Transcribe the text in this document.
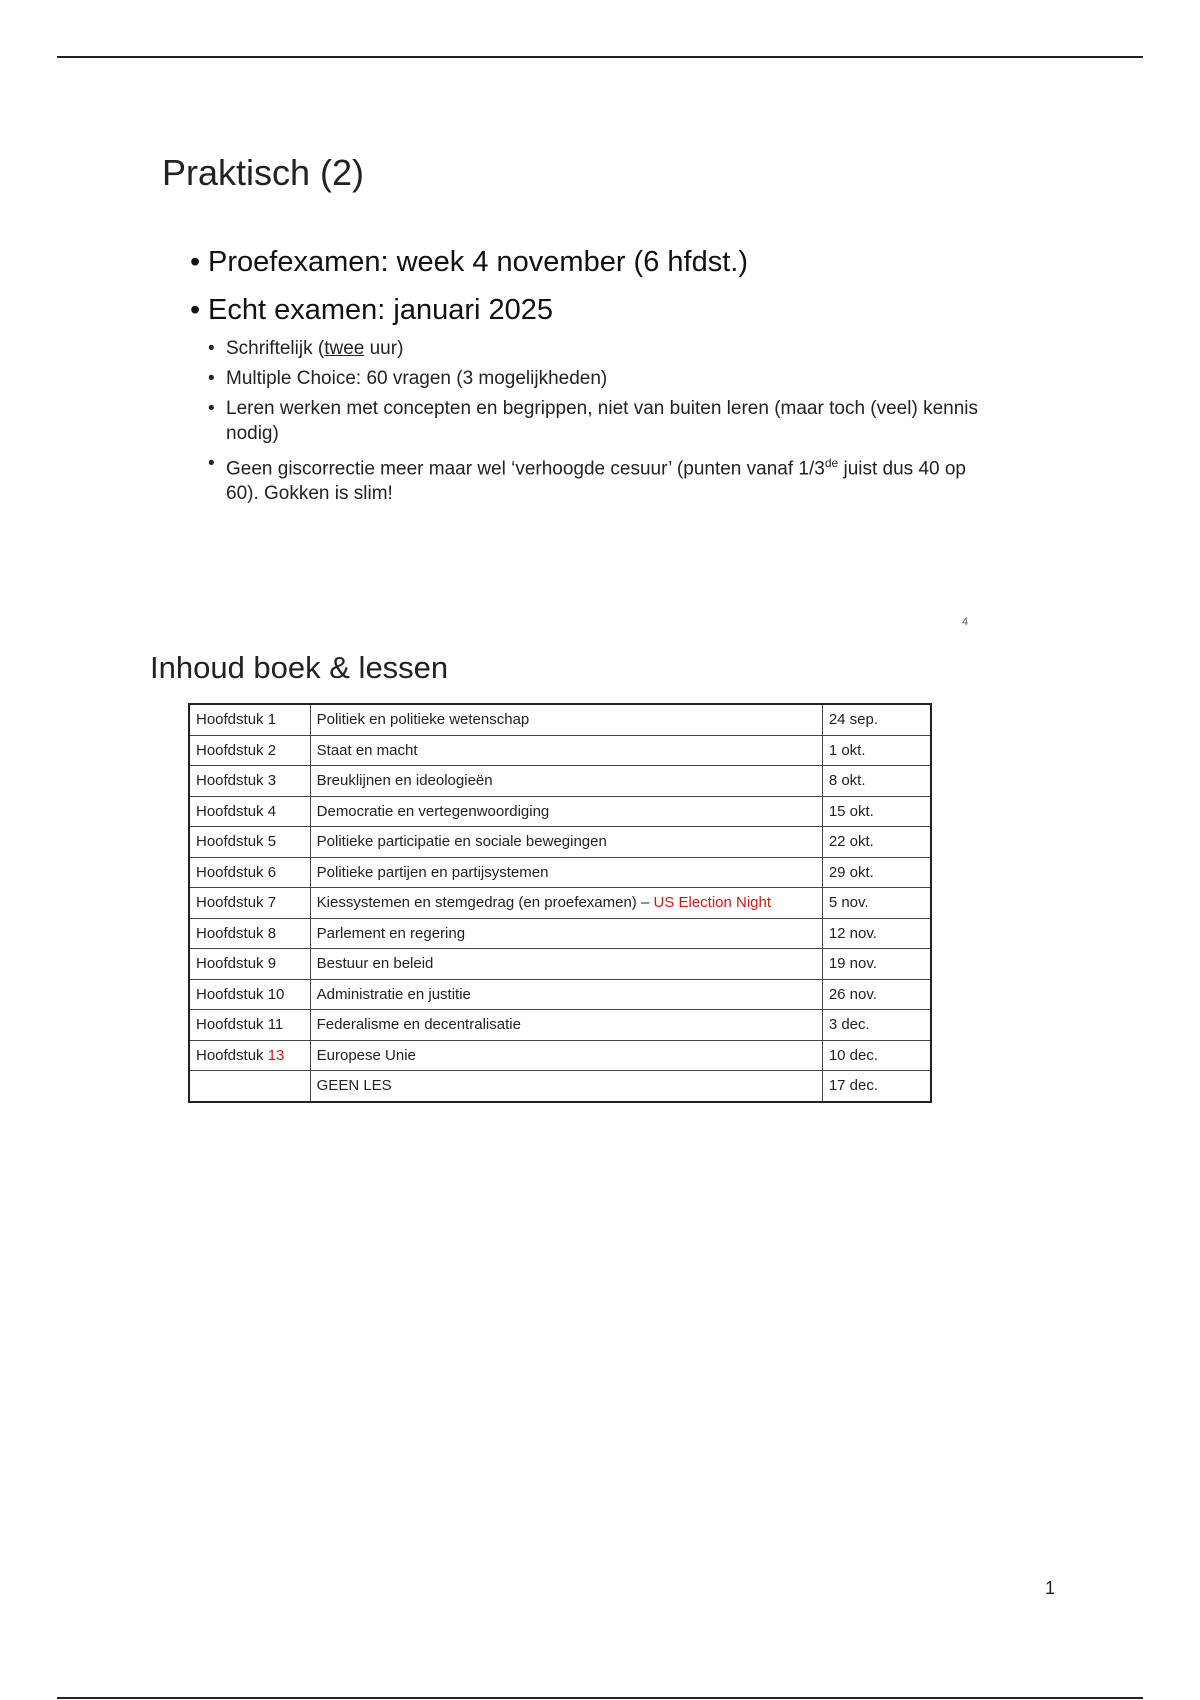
Praktisch (2)
• Proefexamen: week 4 november (6 hfdst.)
• Echt examen: januari 2025
• Schriftelijk (twee uur)
• Multiple Choice: 60 vragen (3 mogelijkheden)
• Leren werken met concepten en begrippen, niet van buiten leren (maar toch (veel) kennis nodig)
• Geen giscorrectie meer maar wel ‘verhoogde cesuur’ (punten vanaf 1/3de juist dus 40 op 60). Gokken is slim!
4
Inhoud boek & lessen
Hoofdstuk 1	Politiek en politieke wetenschap	24 sep.
Hoofdstuk 2	Staat en macht	1 okt.
Hoofdstuk 3	Breuklijnen en ideologieën	8 okt.
Hoofdstuk 4	Democratie en vertegenwoordiging	15 okt.
Hoofdstuk 5	Politieke participatie en sociale bewegingen	22 okt.
Hoofdstuk 6	Politieke partijen en partijsystemen	29 okt.
Hoofdstuk 7	Kiessystemen en stemgedrag (en proefexamen) – US Election Night	5 nov.
Hoofdstuk 8	Parlement en regering	12 nov.
Hoofdstuk 9	Bestuur en beleid	19 nov.
Hoofdstuk 10	Administratie en justitie	26 nov.
Hoofdstuk 11	Federalisme en decentralisatie	3 dec.
Hoofdstuk 13	Europese Unie	10 dec.
	GEEN LES	17 dec.
1
